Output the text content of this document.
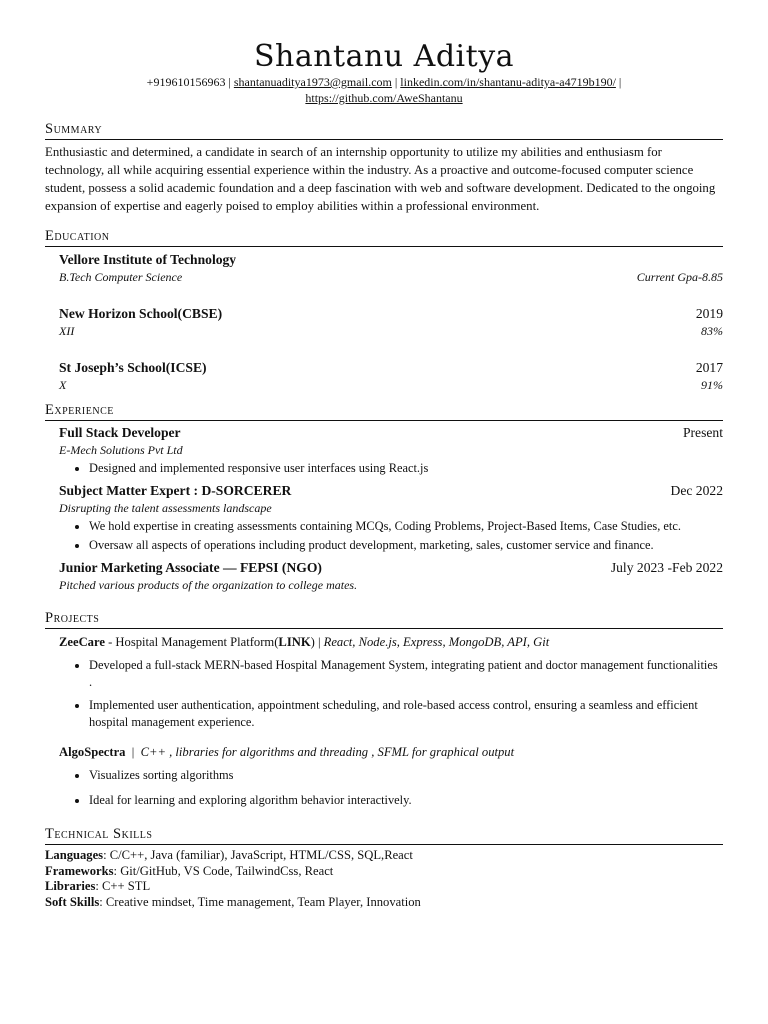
Shantanu Aditya
+919610156963 | shantanuaditya1973@gmail.com | linkedin.com/in/shantanu-aditya-a4719b190/ |
https://github.com/AweShantanu
Summary
Enthusiastic and determined, a candidate in search of an internship opportunity to utilize my abilities and enthusiasm for technology, all while acquiring essential experience within the industry. As a proactive and outcome-focused computer science student, possess a solid academic foundation and a deep fascination with web and software development. Dedicated to the ongoing expansion of expertise and eagerly poised to employ abilities within a professional environment.
Education
Vellore Institute of Technology
B.Tech Computer Science	Current Gpa-8.85
New Horizon School(CBSE)	2019
XII	83%
St Joseph’s School(ICSE)	2017
X	91%
Experience
Full Stack Developer	Present
E-Mech Solutions Pvt Ltd
• Designed and implemented responsive user interfaces using React.js
Subject Matter Expert : D-SORCERER	Dec 2022
Disrupting the talent assessments landscape
• We hold expertise in creating assessments containing MCQs, Coding Problems, Project-Based Items, Case Studies, etc.
• Oversaw all aspects of operations including product development, marketing, sales, customer service and finance.
Junior Marketing Associate — FEPSI (NGO)	July 2023 -Feb 2022
Pitched various products of the organization to college mates.
Projects
ZeeCare - Hospital Management Platform(LINK) | React, Node.js, Express, MongoDB, API, Git
• Developed a full-stack MERN-based Hospital Management System, integrating patient and doctor management functionalities .
• Implemented user authentication, appointment scheduling, and role-based access control, ensuring a seamless and efficient hospital management experience.
AlgoSpectra  |  C++ , libraries for algorithms and threading , SFML for graphical output
• Visualizes sorting algorithms
• Ideal for learning and exploring algorithm behavior interactively.
Technical Skills
Languages: C/C++, Java (familiar), JavaScript, HTML/CSS, SQL,React
Frameworks: Git/GitHub, VS Code, TailwindCss, React
Libraries: C++ STL
Soft Skills: Creative mindset, Time management, Team Player, Innovation
